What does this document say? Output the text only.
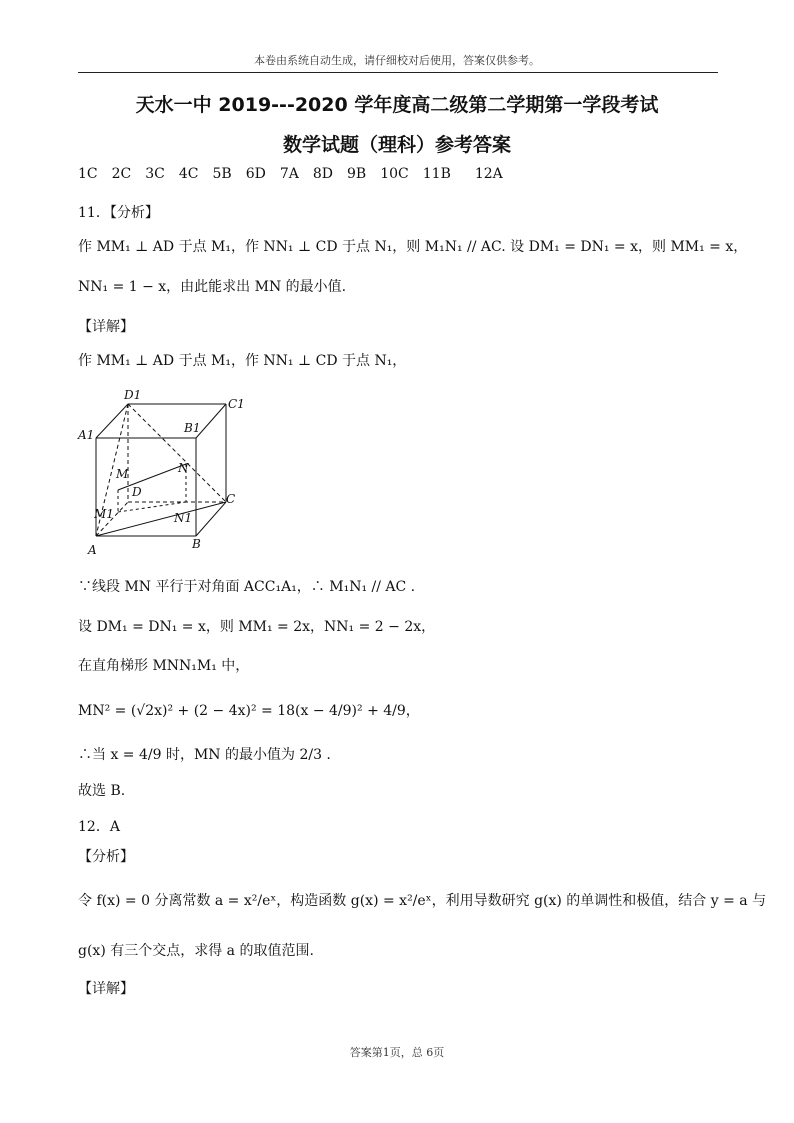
本卷由系统自动生成，请仔细校对后使用，答案仅供参考。
天水一中 2019---2020 学年度高二级第二学期第一学段考试
数学试题（理科）参考答案
1C 2C 3C 4C 5B 6D 7A 8D 9B 10C 11B 12A
11．【分析】
作 MM₁ ⊥ AD 于点 M₁，作 NN₁ ⊥ CD 于点 N₁，则 M₁N₁ // AC. 设 DM₁ = DN₁ = x，则 MM₁ = x，
NN₁ = 1 − x，由此能求出 MN 的最小值.
【详解】
作 MM₁ ⊥ AD 于点 M₁，作 NN₁ ⊥ CD 于点 N₁，
D1
C1
A1	B1
N
M
D	C
M1	N1
A	B
∵线段 MN 平行于对角面 ACC₁A₁，∴ M₁N₁ // AC .
设 DM₁ = DN₁ = x，则 MM₁ = 2x，NN₁ = 2 − 2x，
在直角梯形 MNN₁M₁ 中，
MN² = (√2x)² + (2 − 4x)² = 18(x − 4/9)² + 4/9，
∴当 x = 4/9 时，MN 的最小值为 2/3 .
故选 B.
12．A
【分析】
令 f(x) = 0 分离常数 a = x²/eˣ，构造函数 g(x) = x²/eˣ，利用导数研究 g(x) 的单调性和极值，结合 y = a 与
g(x) 有三个交点，求得 a 的取值范围.
【详解】
答案第1页，总 6页
